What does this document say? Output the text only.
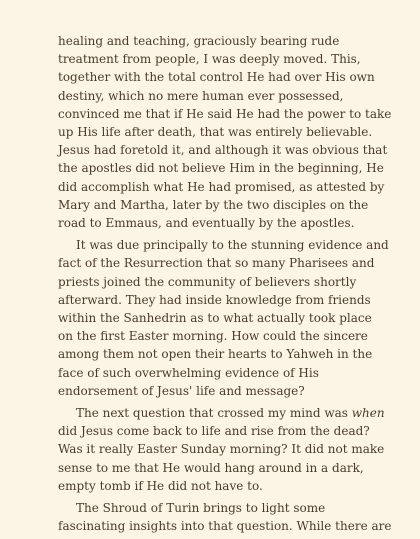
healing and teaching, graciously bearing rude
treatment from people, I was deeply moved. This,
together with the total control He had over His own
destiny, which no mere human ever possessed,
convinced me that if He said He had the power to take
up His life after death, that was entirely believable.
Jesus had foretold it, and although it was obvious that
the apostles did not believe Him in the beginning, He
did accomplish what He had promised, as attested by
Mary and Martha, later by the two disciples on the
road to Emmaus, and eventually by the apostles.

It was due principally to the stunning evidence and
fact of the Resurrection that so many Pharisees and
priests joined the community of believers shortly
afterward. They had inside knowledge from friends
within the Sanhedrin as to what actually took place
on the first Easter morning. How could the sincere
among them not open their hearts to Yahweh in the
face of such overwhelming evidence of His
endorsement of Jesus' life and message?

The next question that crossed my mind was when
did Jesus come back to life and rise from the dead?
Was it really Easter Sunday morning? It did not make
sense to me that He would hang around in a dark,
empty tomb if He did not have to.

The Shroud of Turin brings to light some
fascinating insights into that question. While there are
